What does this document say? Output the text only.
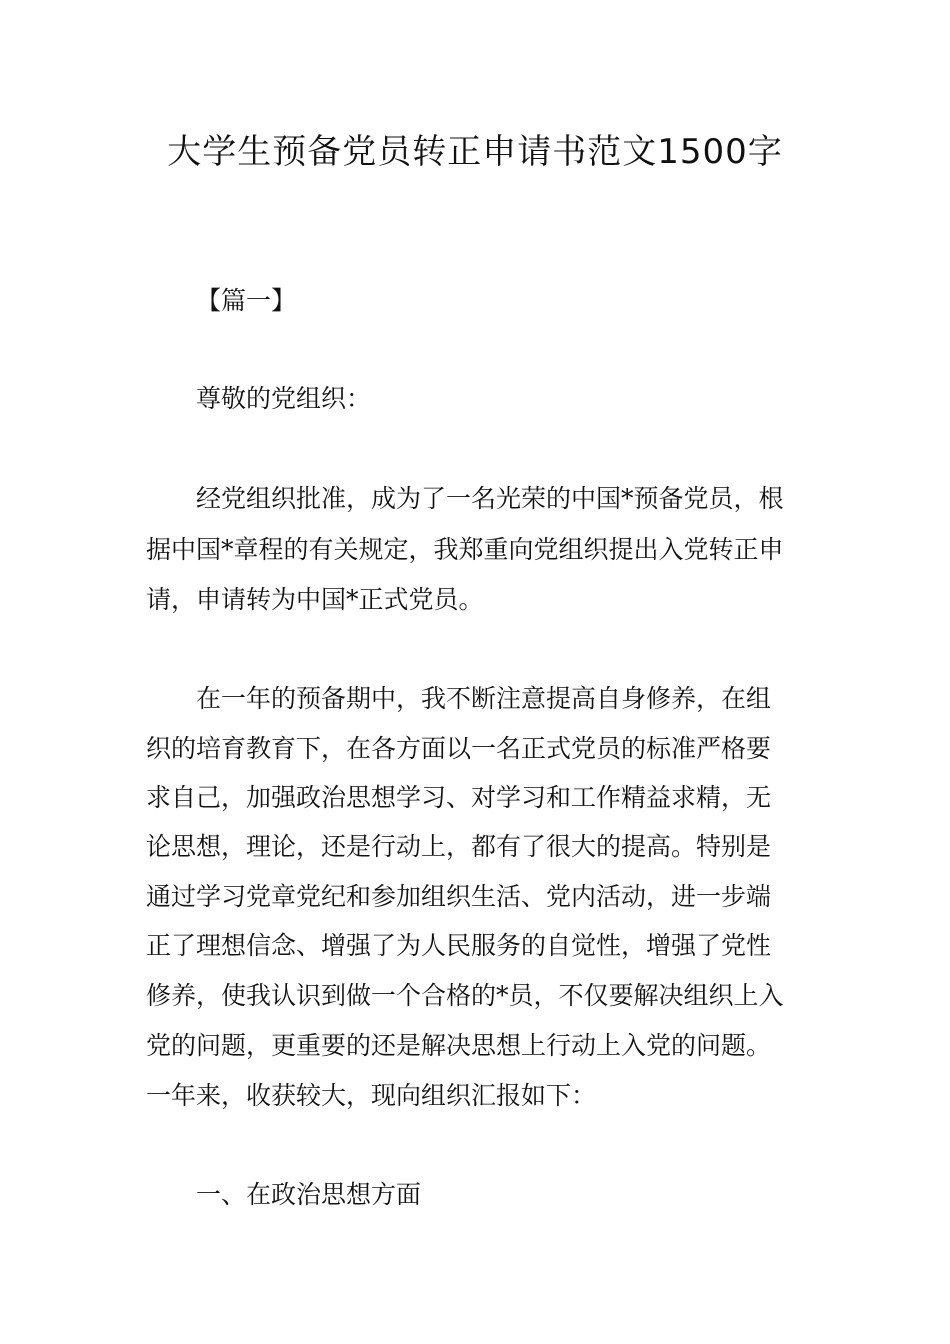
大学生预备党员转正申请书范文1500字
【篇一】
尊敬的党组织：
经党组织批准，成为了一名光荣的中国*预备党员，根
据中国*章程的有关规定，我郑重向党组织提出入党转正申
请，申请转为中国*正式党员。
在一年的预备期中，我不断注意提高自身修养，在组
织的培育教育下，在各方面以一名正式党员的标准严格要
求自己，加强政治思想学习、对学习和工作精益求精，无
论思想，理论，还是行动上，都有了很大的提高。特别是
通过学习党章党纪和参加组织生活、党内活动，进一步端
正了理想信念、增强了为人民服务的自觉性，增强了党性
修养，使我认识到做一个合格的*员，不仅要解决组织上入
党的问题，更重要的还是解决思想上行动上入党的问题。
一年来，收获较大，现向组织汇报如下：
一、在政治思想方面
